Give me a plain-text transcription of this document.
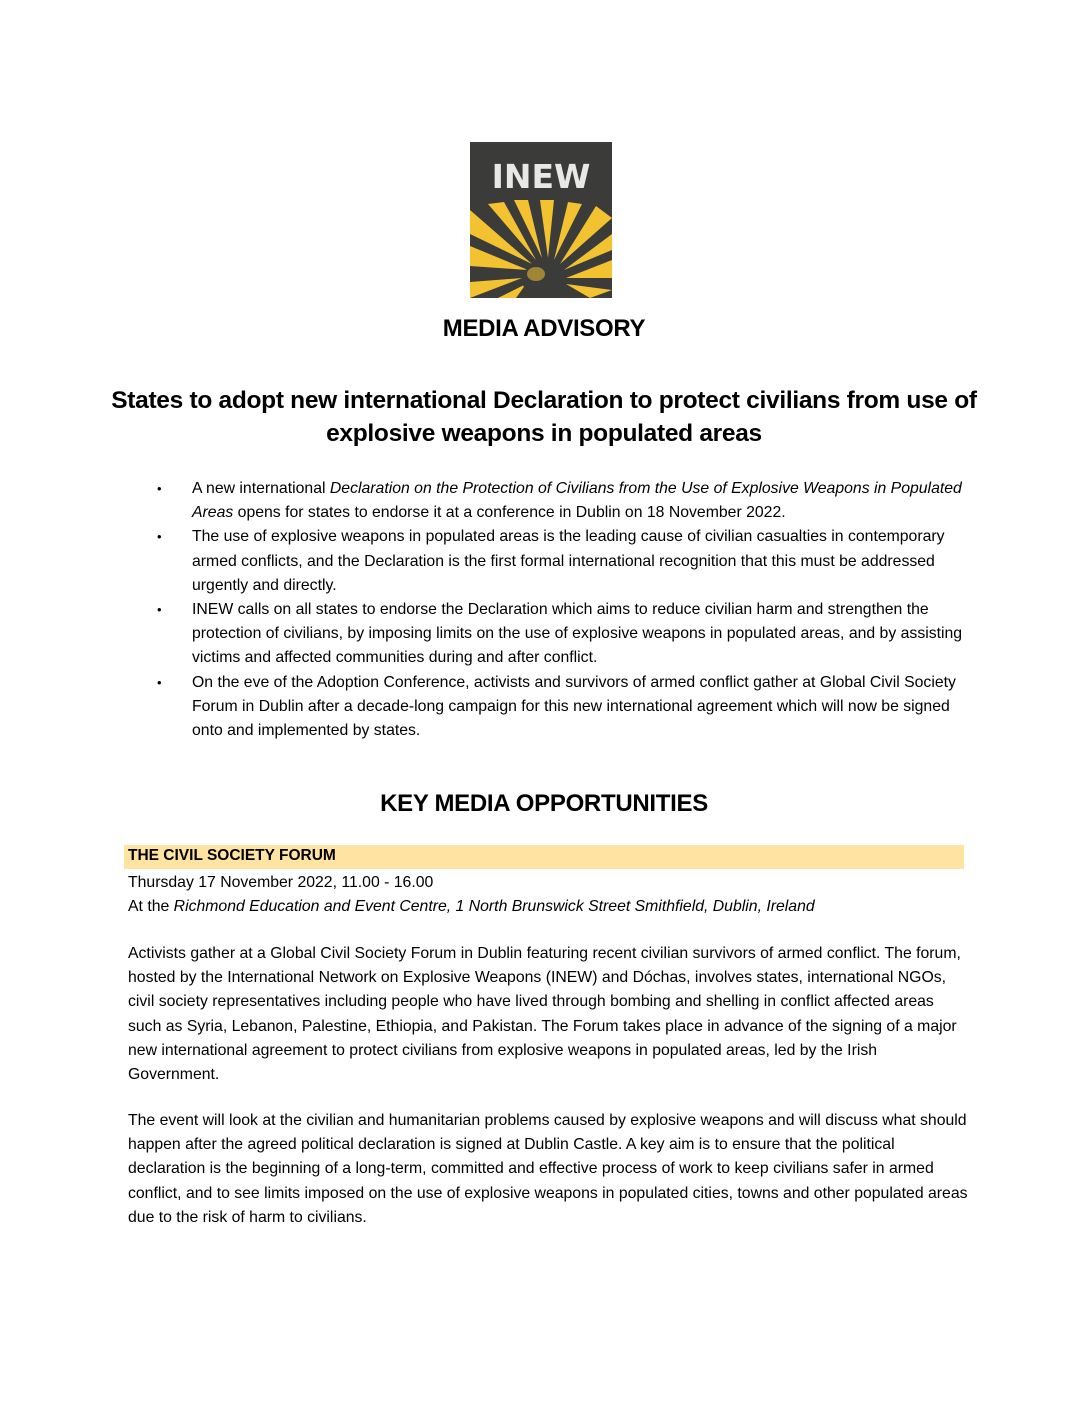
INEW
MEDIA ADVISORY
States to adopt new international Declaration to protect civilians from use of explosive weapons in populated areas
• A new international Declaration on the Protection of Civilians from the Use of Explosive Weapons in Populated Areas opens for states to endorse it at a conference in Dublin on 18 November 2022.
• The use of explosive weapons in populated areas is the leading cause of civilian casualties in contemporary armed conflicts, and the Declaration is the first formal international recognition that this must be addressed urgently and directly.
• INEW calls on all states to endorse the Declaration which aims to reduce civilian harm and strengthen the protection of civilians, by imposing limits on the use of explosive weapons in populated areas, and by assisting victims and affected communities during and after conflict.
• On the eve of the Adoption Conference, activists and survivors of armed conflict gather at Global Civil Society Forum in Dublin after a decade-long campaign for this new international agreement which will now be signed onto and implemented by states.
KEY MEDIA OPPORTUNITIES
THE CIVIL SOCIETY FORUM
Thursday 17 November 2022, 11.00 - 16.00
At the Richmond Education and Event Centre, 1 North Brunswick Street Smithfield, Dublin, Ireland

Activists gather at a Global Civil Society Forum in Dublin featuring recent civilian survivors of armed conflict. The forum, hosted by the International Network on Explosive Weapons (INEW) and Dóchas, involves states, international NGOs, civil society representatives including people who have lived through bombing and shelling in conflict affected areas such as Syria, Lebanon, Palestine, Ethiopia, and Pakistan. The Forum takes place in advance of the signing of a major new international agreement to protect civilians from explosive weapons in populated areas, led by the Irish Government.

The event will look at the civilian and humanitarian problems caused by explosive weapons and will discuss what should happen after the agreed political declaration is signed at Dublin Castle. A key aim is to ensure that the political declaration is the beginning of a long-term, committed and effective process of work to keep civilians safer in armed conflict, and to see limits imposed on the use of explosive weapons in populated cities, towns and other populated areas due to the risk of harm to civilians.
